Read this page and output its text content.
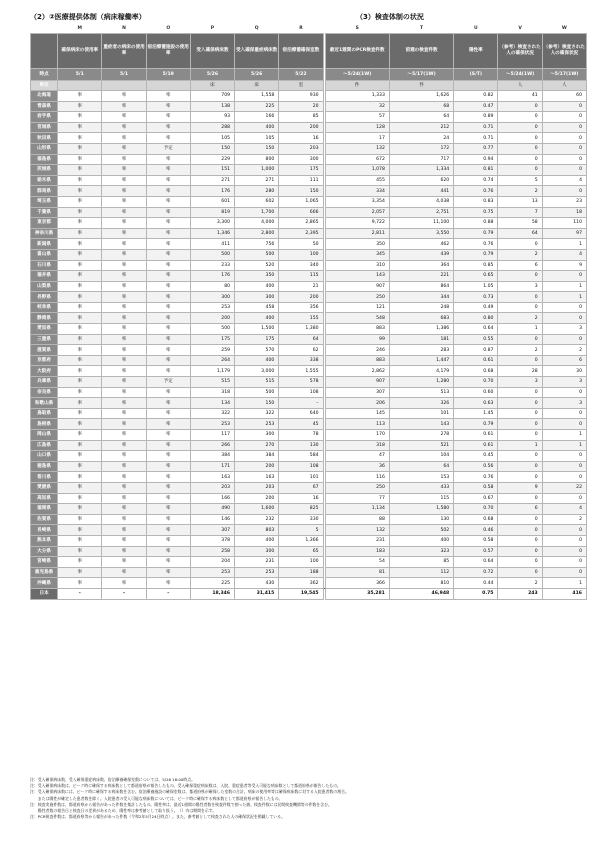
（2）②医療提供体制（病床稼働率）	（3）検査体制の状況
	M	N	O	P	Q	R		S	T	U	V	W
	確保病床の使用率	重症者の病床の使用率	宿泊療養施設の使用率	受入確保病床数	受入確保重症病床数	宿泊療養確保室数		最近1週間のPCR検査件数	前週の検査件数	陽性率	（参考）検査された人の確保状況	（参考）検査された人の確保状況
時点	5/1	5/1	5/19	5/26	5/26	5/22		～5/24(1W)	～5/17(1W)	(S/T)	～5/24(1W)	～5/17(1W)
単位				床	床	室		件	件		人	人
北海道	率	率	率	709	1,558	930		1,333	1,626	0.82	41	60
青森県	率	率	率	138	225	20		32	68	0.47	0	0
岩手県	率	率	率	93	166	85		57	64	0.89	0	0
宮城県	率	率	率	288	400	200		128	212	0.71	0	0
秋田県	率	率	率	105	105	16		17	24	0.71	0	0
山形県	率	率	予定	150	150	203		132	172	0.77	0	0
福島県	率	率	率	229	800	300		672	717	0.94	0	0
茨城県	率	率	率	151	1,000	175		1,078	1,334	0.81	0	0
栃木県	率	率	率	271	271	111		455	620	0.74	5	4
群馬県	率	率	率	176	280	150		334	441	0.76	2	0
埼玉県	率	率	率	601	602	1,065		3,354	4,038	0.83	13	23
千葉県	率	率	率	819	1,700	666		2,057	2,751	0.75	7	18
東京都	率	率	率	3,300	4,000	2,865		9,722	11,100	0.88	58	110
神奈川県	率	率	率	1,346	2,800	2,395		2,811	3,550	0.79	64	97
新潟県	率	率	率	411	756	50		350	462	0.76	0	1
富山県	率	率	率	500	500	100		345	439	0.79	2	4
石川県	率	率	率	233	520	340		310	364	0.85	6	9
福井県	率	率	率	176	350	115		143	221	0.65	0	0
山梨県	率	率	率	80	400	21		907	864	1.05	3	1
長野県	率	率	率	300	300	200		250	344	0.73	0	1
岐阜県	率	率	率	253	458	356		121	248	0.49	0	0
静岡県	率	率	率	200	400	155		548	683	0.80	2	0
愛知県	率	率	率	500	1,500	1,380		883	1,386	0.64	1	3
三重県	率	率	率	175	175	64		99	181	0.55	0	0
滋賀県	率	率	率	259	570	62		246	283	0.87	2	2
京都府	率	率	率	264	400	338		883	1,447	0.61	0	6
大阪府	率	率	率	1,179	3,000	1,555		2,862	4,179	0.68	28	30
兵庫県	率	率	予定	515	515	578		907	1,280	0.70	3	3
奈良県	率	率	率	318	500	108		307	513	0.60	0	0
和歌山県	率	率	率	134	150	–		206	326	0.63	0	3
鳥取県	率	率	率	322	322	640		145	101	1.45	0	0
島根県	率	率	率	253	253	45		113	143	0.79	0	0
岡山県	率	率	率	117	300	78		170	278	0.61	0	1
広島県	率	率	率	266	270	130		318	521	0.61	1	1
山口県	率	率	率	384	384	584		47	104	0.45	0	0
徳島県	率	率	率	171	200	108		36	64	0.56	0	0
香川県	率	率	率	163	163	101		116	153	0.76	0	0
愛媛県	率	率	率	203	203	67		250	433	0.58	9	22
高知県	率	率	率	166	200	16		77	115	0.67	0	0
福岡県	率	率	率	490	1,600	825		1,134	1,580	0.70	6	4
佐賀県	率	率	率	146	232	330		88	130	0.68	0	2
長崎県	率	率	率	307	803	5		132	502	0.46	0	0
熊本県	率	率	率	378	400	1,366		231	400	0.58	0	0
大分県	率	率	率	258	300	65		183	323	0.57	0	0
宮崎県	率	率	率	204	231	100		54	85	0.64	0	0
鹿児島県	率	率	率	253	253	188		81	112	0.72	0	0
沖縄県	率	率	率	225	430	362		366	810	0.44	2	1
日本	–	–	–	18,346	31,415	19,545		35,281	46,948	0.75	243	416
注：受入確保病床数、受入確保重症病床数、宿泊療養確保室数については、5/26 18:00時点。
注：受入確保病床数は、ピーク時に確保する病床数として都道府県が報告したもの。受入確保重症病床数は、入院、重症患者等受入可能な病床数として都道府県が報告したもの。
注：受入確保病床数には、ピーク時に確保する病床数を含む。宿泊療養施設の確保室数は、都道府県が確保した室数の合計。病床の使用率等は確保病床数に対する入院患者数の割合。
　　または陽性が確定した患者数を除く。入院患者の受入可能な病床数については、ピーク時に確保する病床数として都道府県が報告したもの。
注：検査実施件数は、都道府県から報告があった件数を集計したもの。陽性率は、最近1週間の陽性者数を検査件数で割った値。検査件数には民間検査機関等の件数を含む。
　　陽性者数の報告日と検査日の差異があるため、陽性率は参考値として取り扱う。（）内は期間を示す。
注：PCR検査件数は、都道府県等から報告があった件数（令和2年5月24日時点）。また、参考値として検査された人の確保状況を掲載している。
